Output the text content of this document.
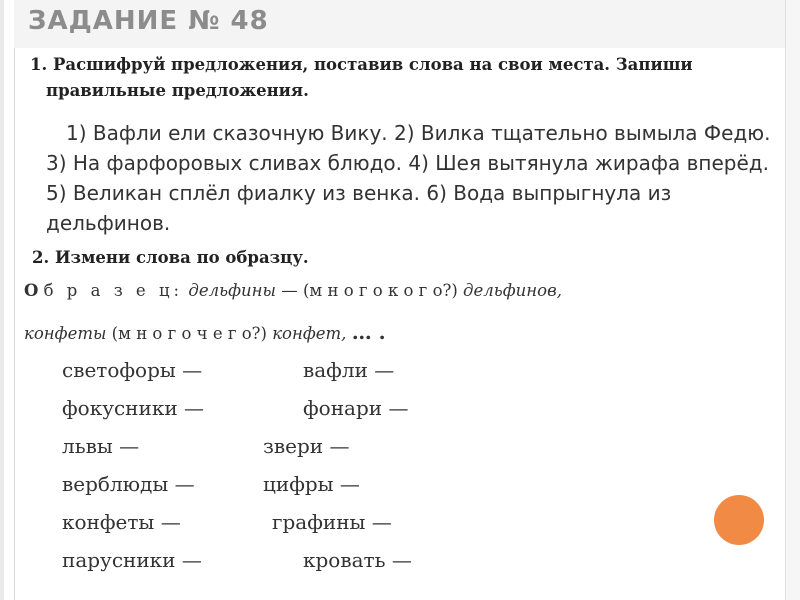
ЗАДАНИЕ № 48
1. Расшифруй предложения, поставив слова на свои места. Запиши
правильные предложения.
1) Вафли ели сказочную Вику. 2) Вилка тщательно вымыла Федю. 3) На фарфоровых сливах блюдо. 4) Шея вытянула жирафа вперёд. 5) Великан сплёл фиалку из венка. 6) Вода выпрыгнула из дельфинов.
2. Измени слова по образцу.
О б р а з е ц: дельфины — (м н о г о к о г о?) дельфинов,
конфеты (м н о г о ч е г о?) конфет, … .
светофоры —
фокусники —
львы —
верблюды —
конфеты —
парусники —
вафли —
фонари —
звери —
цифры —
графины —
кровать —
